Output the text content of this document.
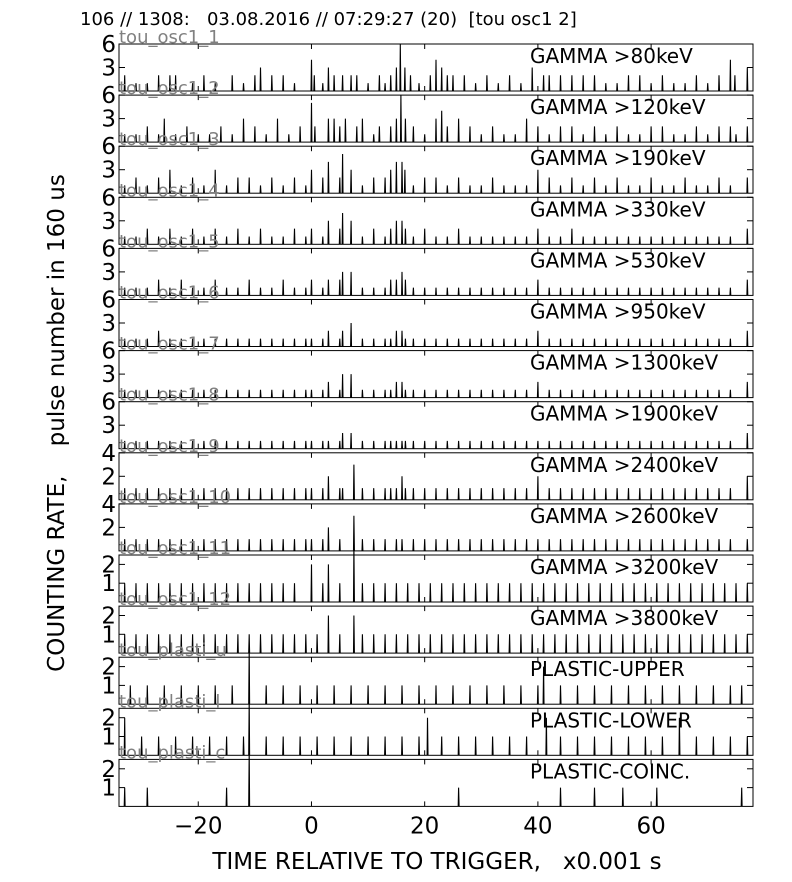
106 // 1308:   03.08.2016 // 07:29:27 (20)  [tou osc1 2]
COUNTING RATE,    pulse number in 160 us
TIME RELATIVE TO TRIGGER,   x0.001 s
3
6	GAMMA >80keV
tou_osc1_1
3
6	GAMMA >120keV
tou_osc1_2
3
6	GAMMA >190keV
tou_osc1_3
3
6	GAMMA >330keV
tou_osc1_4
3
6	GAMMA >530keV
tou_osc1_5
3
6	GAMMA >950keV
tou_osc1_6
3
6	GAMMA >1300keV
tou_osc1_7
3
6	GAMMA >1900keV
tou_osc1_8
2
4	GAMMA >2400keV
tou_osc1_9
2
4	GAMMA >2600keV
tou_osc1_10
1
2	GAMMA >3200keV
tou_osc1_11
1
2	GAMMA >3800keV
tou_osc1_12
1
2	PLASTIC-UPPER
tou_plasti_u
1
2	PLASTIC-LOWER
tou_plasti_l
1
2	PLASTIC-COINC.
tou_plasti_c
−20	0	20	40	60
